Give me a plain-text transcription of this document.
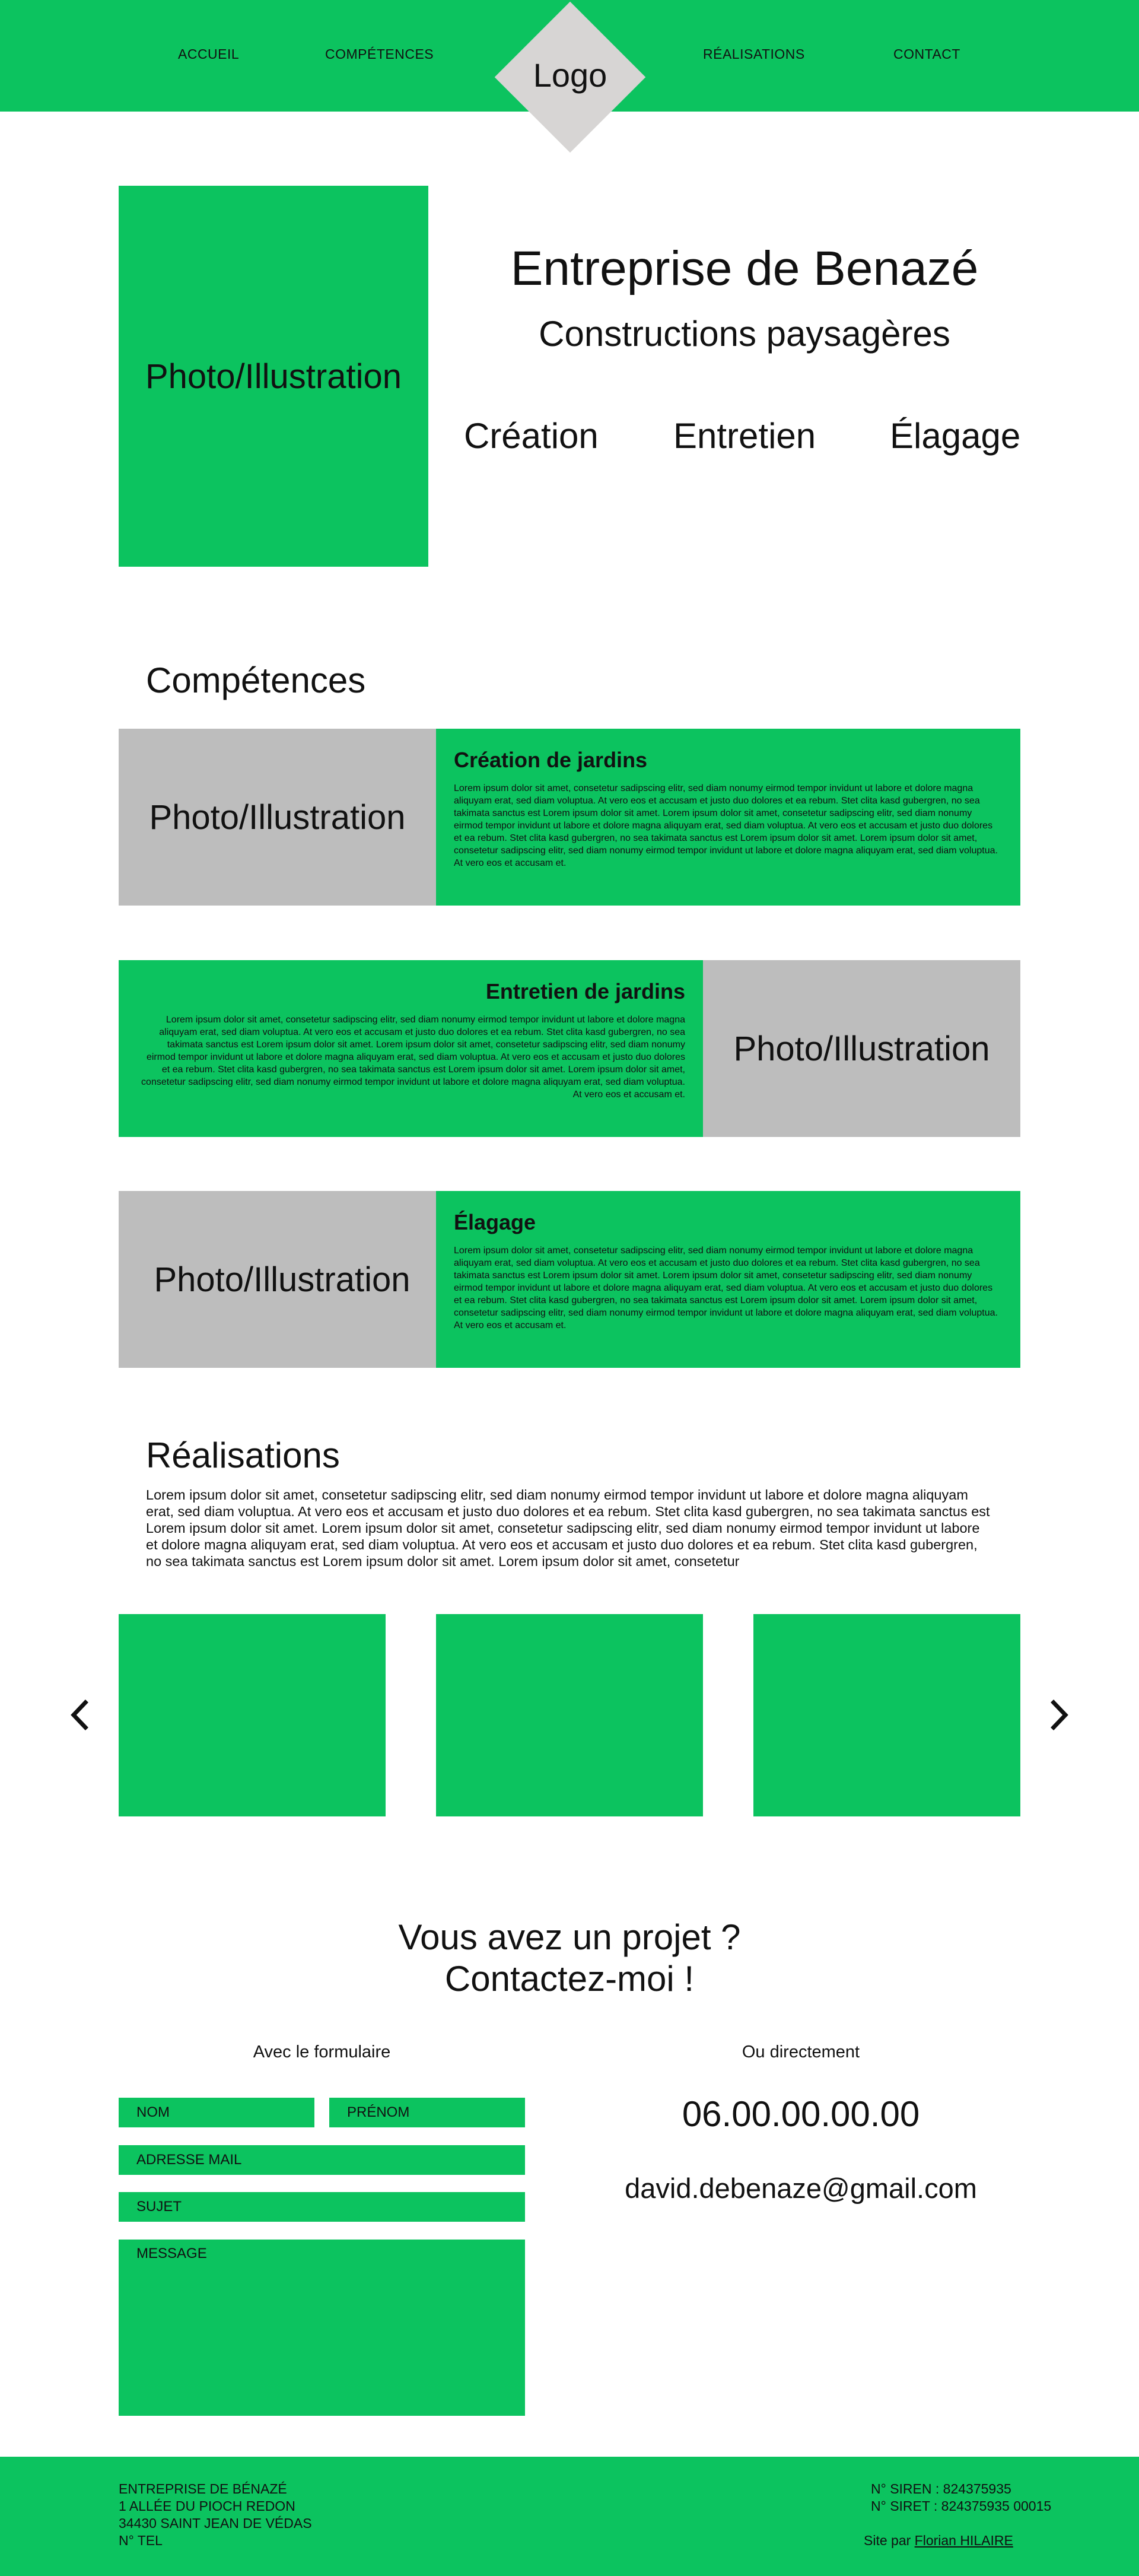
ACCUEIL	COMPÉTENCES	RÉALISATIONS	CONTACT
Logo
Photo/Illustration
Entreprise de Benazé
Constructions paysagères
Création Entretien Élagage
Compétences
Photo/Illustration
Création de jardins

Lorem ipsum dolor sit amet, consetetur sadipscing elitr, sed diam nonumy eirmod tempor invidunt ut labore et dolore magna aliquyam erat, sed diam voluptua. At vero eos et accusam et justo duo dolores et ea rebum. Stet clita kasd gubergren, no sea takimata sanctus est Lorem ipsum dolor sit amet. Lorem ipsum dolor sit amet, consetetur sadipscing elitr, sed diam nonumy eirmod tempor invidunt ut labore et dolore magna aliquyam erat, sed diam voluptua. At vero eos et accusam et justo duo dolores et ea rebum. Stet clita kasd gubergren, no sea takimata sanctus est Lorem ipsum dolor sit amet. Lorem ipsum dolor sit amet, consetetur sadipscing elitr, sed diam nonumy eirmod tempor invidunt ut labore et dolore magna aliquyam erat, sed diam voluptua. At vero eos et accusam et.

Entretien de jardins

Lorem ipsum dolor sit amet, consetetur sadipscing elitr, sed diam nonumy eirmod tempor invidunt ut labore et dolore magna aliquyam erat, sed diam voluptua. At vero eos et accusam et justo duo dolores et ea rebum. Stet clita kasd gubergren, no sea takimata sanctus est Lorem ipsum dolor sit amet. Lorem ipsum dolor sit amet, consetetur sadipscing elitr, sed diam nonumy eirmod tempor invidunt ut labore et dolore magna aliquyam erat, sed diam voluptua. At vero eos et accusam et justo duo dolores et ea rebum. Stet clita kasd gubergren, no sea takimata sanctus est Lorem ipsum dolor sit amet. Lorem ipsum dolor sit amet, consetetur sadipscing elitr, sed diam nonumy eirmod tempor invidunt ut labore et dolore magna aliquyam erat, sed diam voluptua. At vero eos et accusam et.

Photo/Illustration
Photo/Illustration
Élagage

Lorem ipsum dolor sit amet, consetetur sadipscing elitr, sed diam nonumy eirmod tempor invidunt ut labore et dolore magna aliquyam erat, sed diam voluptua. At vero eos et accusam et justo duo dolores et ea rebum. Stet clita kasd gubergren, no sea takimata sanctus est Lorem ipsum dolor sit amet. Lorem ipsum dolor sit amet, consetetur sadipscing elitr, sed diam nonumy eirmod tempor invidunt ut labore et dolore magna aliquyam erat, sed diam voluptua. At vero eos et accusam et justo duo dolores et ea rebum. Stet clita kasd gubergren, no sea takimata sanctus est Lorem ipsum dolor sit amet. Lorem ipsum dolor sit amet, consetetur sadipscing elitr, sed diam nonumy eirmod tempor invidunt ut labore et dolore magna aliquyam erat, sed diam voluptua. At vero eos et accusam et.

Réalisations

Lorem ipsum dolor sit amet, consetetur sadipscing elitr, sed diam nonumy eirmod tempor invidunt ut labore et dolore magna aliquyam erat, sed diam voluptua. At vero eos et accusam et justo duo dolores et ea rebum. Stet clita kasd gubergren, no sea takimata sanctus est Lorem ipsum dolor sit amet. Lorem ipsum dolor sit amet, consetetur sadipscing elitr, sed diam nonumy eirmod tempor invidunt ut labore et dolore magna aliquyam erat, sed diam voluptua. At vero eos et accusam et justo duo dolores et ea rebum. Stet clita kasd gubergren, no sea takimata sanctus est Lorem ipsum dolor sit amet. Lorem ipsum dolor sit amet, consetetur

Vous avez un projet ?
Contactez-moi !
Avec le formulaire	Ou directement
NOM
PRÉNOM
ADRESSE MAIL
SUJET
MESSAGE
06.00.00.00.00
david.debenaze@gmail.com
ENTREPRISE DE BÉNAZÉ
1 ALLÉE DU PIOCH REDON
34430 SAINT JEAN DE VÉDAS
N° TEL
N° SIREN : 824375935
N° SIRET : 824375935 00015
Site par Florian HILAIRE
